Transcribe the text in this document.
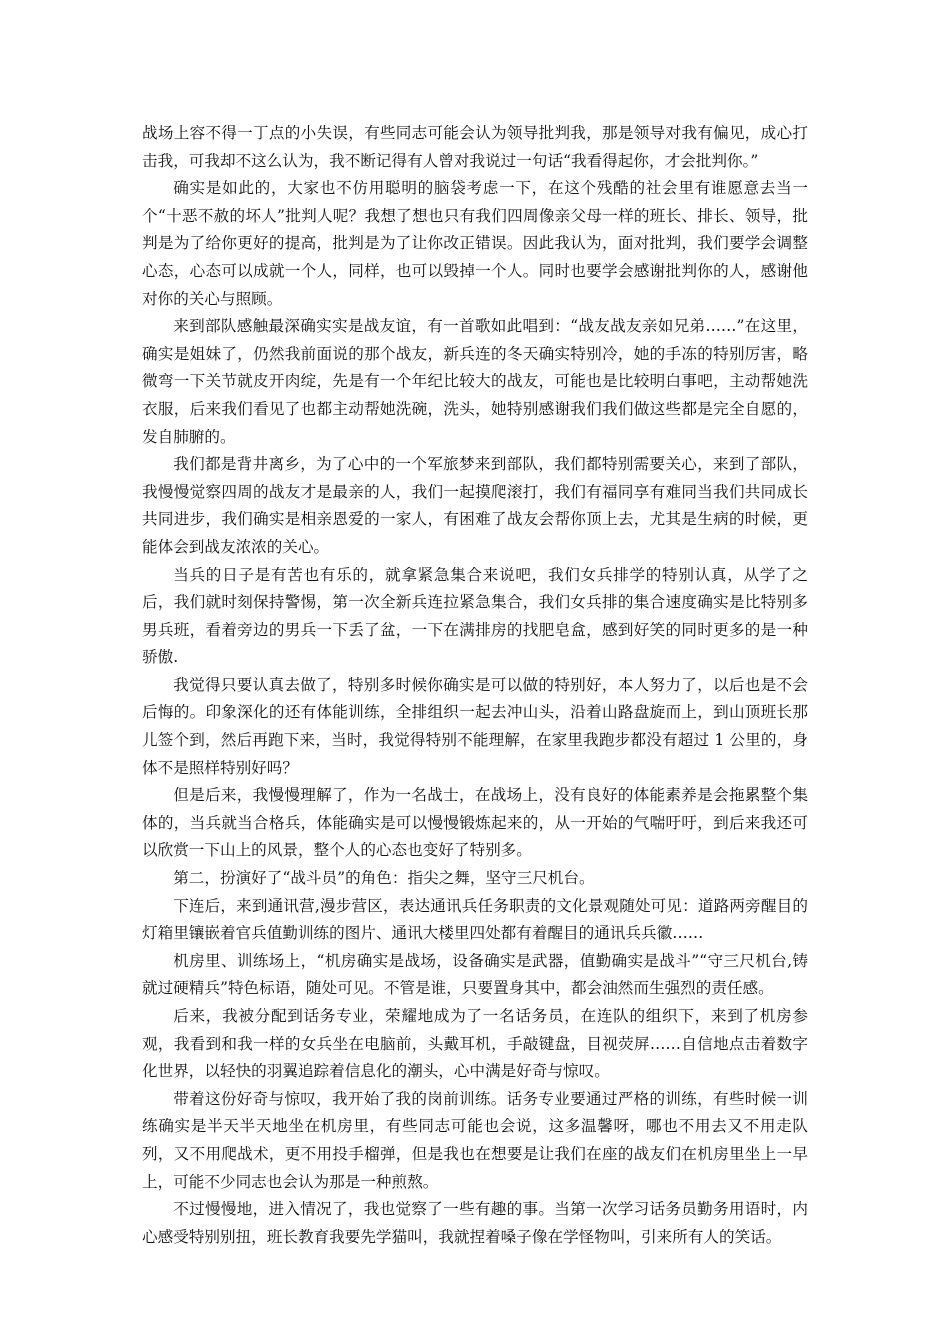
战场上容不得一丁点的小失误，有些同志可能会认为领导批判我，那是领导对我有偏见，成心打击我，可我却不这么认为，我不断记得有人曾对我说过一句话“我看得起你，才会批判你。”

确实是如此的，大家也不仿用聪明的脑袋考虑一下，在这个残酷的社会里有谁愿意去当一个“十恶不赦的坏人”批判人呢？我想了想也只有我们四周像亲父母一样的班长、排长、领导，批判是为了给你更好的提高，批判是为了让你改正错误。因此我认为，面对批判，我们要学会调整心态，心态可以成就一个人，同样，也可以毁掉一个人。同时也要学会感谢批判你的人，感谢他对你的关心与照顾。

来到部队感触最深确实实是战友谊，有一首歌如此唱到：“战友战友亲如兄弟……”在这里，确实是姐妹了，仍然我前面说的那个战友，新兵连的冬天确实特别冷，她的手冻的特别厉害，略微弯一下关节就皮开肉绽，先是有一个年纪比较大的战友，可能也是比较明白事吧，主动帮她洗衣服，后来我们看见了也都主动帮她洗碗，洗头，她特别感谢我们我们做这些都是完全自愿的，发自肺腑的。

我们都是背井离乡，为了心中的一个军旅梦来到部队，我们都特别需要关心，来到了部队，我慢慢觉察四周的战友才是最亲的人，我们一起摸爬滚打，我们有福同享有难同当我们共同成长共同进步，我们确实是相亲恩爱的一家人，有困难了战友会帮你顶上去，尤其是生病的时候，更能体会到战友浓浓的关心。

当兵的日子是有苦也有乐的，就拿紧急集合来说吧，我们女兵排学的特别认真，从学了之后，我们就时刻保持警惕，第一次全新兵连拉紧急集合，我们女兵排的集合速度确实是比特别多男兵班，看着旁边的男兵一下丢了盆，一下在满排房的找肥皂盒，感到好笑的同时更多的是一种骄傲.

我觉得只要认真去做了，特别多时候你确实是可以做的特别好，本人努力了，以后也是不会后悔的。印象深化的还有体能训练，全排组织一起去冲山头，沿着山路盘旋而上，到山顶班长那儿签个到，然后再跑下来，当时，我觉得特别不能理解，在家里我跑步都没有超过 1 公里的，身体不是照样特别好吗？

但是后来，我慢慢理解了，作为一名战士，在战场上，没有良好的体能素养是会拖累整个集体的，当兵就当合格兵，体能确实是可以慢慢锻炼起来的，从一开始的气喘吁吁，到后来我还可以欣赏一下山上的风景，整个人的心态也变好了特别多。

第二，扮演好了“战斗员”的角色：指尖之舞，坚守三尺机台。

下连后，来到通讯营,漫步营区，表达通讯兵任务职责的文化景观随处可见：道路两旁醒目的灯箱里镶嵌着官兵值勤训练的图片、通讯大楼里四处都有着醒目的通讯兵兵徽……

机房里、训练场上，“机房确实是战场，设备确实是武器，值勤确实是战斗”“守三尺机台,铸就过硬精兵”特色标语，随处可见。不管是谁，只要置身其中，都会油然而生强烈的责任感。

后来，我被分配到话务专业，荣耀地成为了一名话务员，在连队的组织下，来到了机房参观，我看到和我一样的女兵坐在电脑前，头戴耳机，手敲键盘，目视荧屏……自信地点击着数字化世界，以轻快的羽翼追踪着信息化的潮头，心中满是好奇与惊叹。

带着这份好奇与惊叹，我开始了我的岗前训练。话务专业要通过严格的训练，有些时候一训练确实是半天半天地坐在机房里，有些同志可能也会说，这多温馨呀，哪也不用去又不用走队列，又不用爬战术，更不用投手榴弹，但是我也在想要是让我们在座的战友们在机房里坐上一早上，可能不少同志也会认为那是一种煎熬。

不过慢慢地，进入情况了，我也觉察了一些有趣的事。当第一次学习话务员勤务用语时，内心感受特别别扭，班长教育我要先学猫叫，我就捏着嗓子像在学怪物叫，引来所有人的笑话。
